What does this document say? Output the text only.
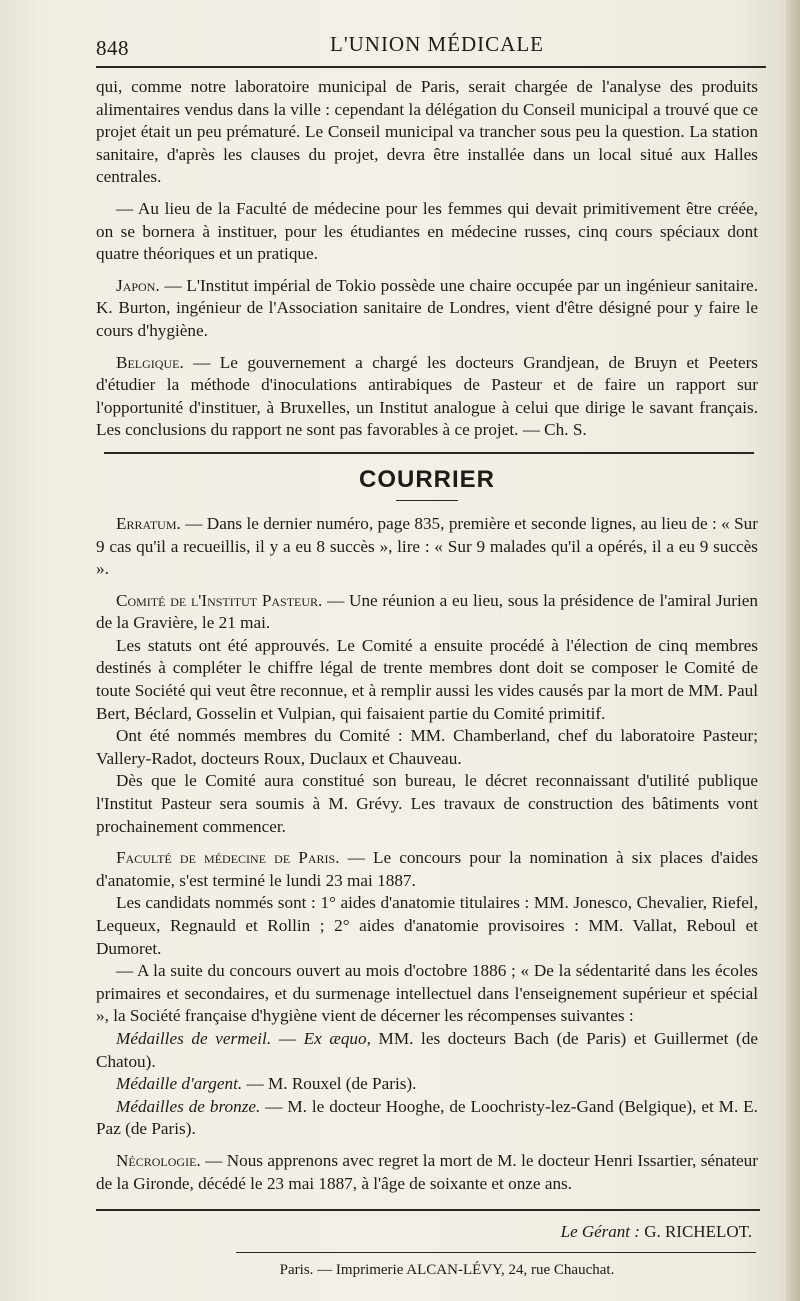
848	L'UNION MÉDICALE

qui, comme notre laboratoire municipal de Paris, serait chargée de l'analyse des produits alimentaires vendus dans la ville : cependant la délégation du Conseil municipal a trouvé que ce projet était un peu prématuré. Le Conseil municipal va trancher sous peu la question. La station sanitaire, d'après les clauses du projet, devra être installée dans un local situé aux Halles centrales.

— Au lieu de la Faculté de médecine pour les femmes qui devait primitivement être créée, on se bornera à instituer, pour les étudiantes en médecine russes, cinq cours spéciaux dont quatre théoriques et un pratique.

Japon. — L'Institut impérial de Tokio possède une chaire occupée par un ingénieur sanitaire. K. Burton, ingénieur de l'Association sanitaire de Londres, vient d'être désigné pour y faire le cours d'hygiène.

Belgique. — Le gouvernement a chargé les docteurs Grandjean, de Bruyn et Peeters d'étudier la méthode d'inoculations antirabiques de Pasteur et de faire un rapport sur l'opportunité d'instituer, à Bruxelles, un Institut analogue à celui que dirige le savant français. Les conclusions du rapport ne sont pas favorables à ce projet. — Ch. S.

COURRIER

Erratum. — Dans le dernier numéro, page 835, première et seconde lignes, au lieu de : « Sur 9 cas qu'il a recueillis, il y a eu 8 succès », lire : « Sur 9 malades qu'il a opérés, il a eu 9 succès ».

Comité de l'Institut Pasteur. — Une réunion a eu lieu, sous la présidence de l'amiral Jurien de la Gravière, le 21 mai.

Les statuts ont été approuvés. Le Comité a ensuite procédé à l'élection de cinq membres destinés à compléter le chiffre légal de trente membres dont doit se composer le Comité de toute Société qui veut être reconnue, et à remplir aussi les vides causés par la mort de MM. Paul Bert, Béclard, Gosselin et Vulpian, qui faisaient partie du Comité primitif.

Ont été nommés membres du Comité : MM. Chamberland, chef du laboratoire Pasteur; Vallery-Radot, docteurs Roux, Duclaux et Chauveau.

Dès que le Comité aura constitué son bureau, le décret reconnaissant d'utilité publique l'Institut Pasteur sera soumis à M. Grévy. Les travaux de construction des bâtiments vont prochainement commencer.

Faculté de médecine de Paris. — Le concours pour la nomination à six places d'aides d'anatomie, s'est terminé le lundi 23 mai 1887.

Les candidats nommés sont : 1° aides d'anatomie titulaires : MM. Jonesco, Chevalier, Riefel, Lequeux, Regnauld et Rollin ; 2° aides d'anatomie provisoires : MM. Vallat, Reboul et Dumoret.

— A la suite du concours ouvert au mois d'octobre 1886 ; « De la sédentarité dans les écoles primaires et secondaires, et du surmenage intellectuel dans l'enseignement supérieur et spécial », la Société française d'hygiène vient de décerner les récompenses suivantes :

Médailles de vermeil. — Ex æquo, MM. les docteurs Bach (de Paris) et Guillermet (de Chatou).

Médaille d'argent. — M. Rouxel (de Paris).

Médailles de bronze. — M. le docteur Hooghe, de Loochristy-lez-Gand (Belgique), et M. E. Paz (de Paris).

Nécrologie. — Nous apprenons avec regret la mort de M. le docteur Henri Issartier, sénateur de la Gironde, décédé le 23 mai 1887, à l'âge de soixante et onze ans.

Le Gérant : G. RICHELOT.

Paris. — Imprimerie ALCAN-LÉVY, 24, rue Chauchat.
